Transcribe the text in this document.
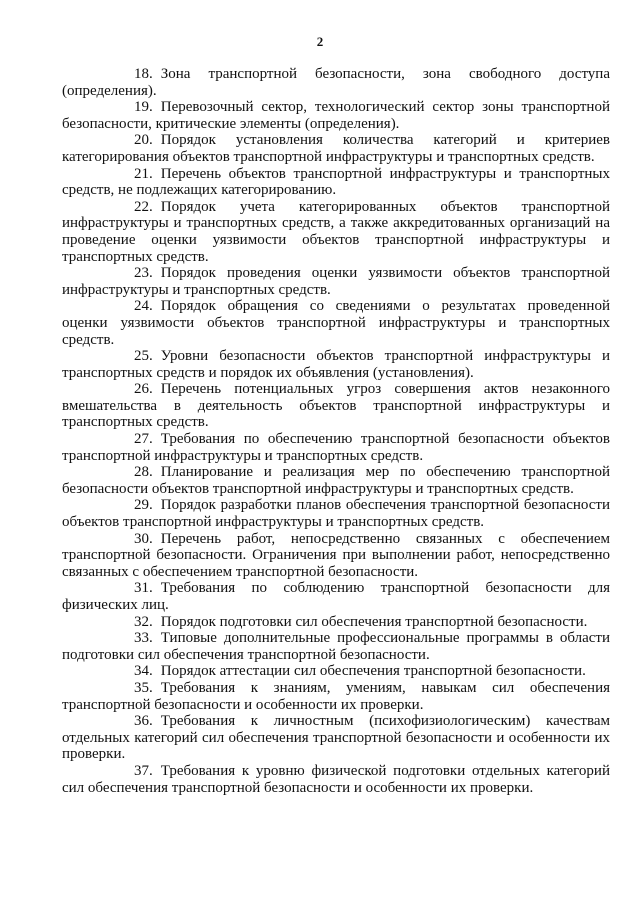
2

18. Зона транспортной безопасности, зона свободного доступа (определения).

19. Перевозочный сектор, технологический сектор зоны транспортной безопасности, критические элементы (определения).

20. Порядок установления количества категорий и критериев категорирования объектов транспортной инфраструктуры и транспортных средств.

21. Перечень объектов транспортной инфраструктуры и транспортных средств, не подлежащих категорированию.

22. Порядок учета категорированных объектов транспортной инфраструктуры и транспортных средств, а также аккредитованных организаций на проведение оценки уязвимости объектов транспортной инфраструктуры и транспортных средств.

23. Порядок проведения оценки уязвимости объектов транспортной инфраструктуры и транспортных средств.

24. Порядок обращения со сведениями о результатах проведенной оценки уязвимости объектов транспортной инфраструктуры и транспортных средств.

25. Уровни безопасности объектов транспортной инфраструктуры и транспортных средств и порядок их объявления (установления).

26. Перечень потенциальных угроз совершения актов незаконного вмешательства в деятельность объектов транспортной инфраструктуры и транспортных средств.

27. Требования по обеспечению транспортной безопасности объектов транспортной инфраструктуры и транспортных средств.

28. Планирование и реализация мер по обеспечению транспортной безопасности объектов транспортной инфраструктуры и транспортных средств.

29. Порядок разработки планов обеспечения транспортной безопасности объектов транспортной инфраструктуры и транспортных средств.

30. Перечень работ, непосредственно связанных с обеспечением транспортной безопасности. Ограничения при выполнении работ, непосредственно связанных с обеспечением транспортной безопасности.

31. Требования по соблюдению транспортной безопасности для физических лиц.

32. Порядок подготовки сил обеспечения транспортной безопасности.

33. Типовые дополнительные профессиональные программы в области подготовки сил обеспечения транспортной безопасности.

34. Порядок аттестации сил обеспечения транспортной безопасности.

35. Требования к знаниям, умениям, навыкам сил обеспечения транспортной безопасности и особенности их проверки.

36. Требования к личностным (психофизиологическим) качествам отдельных категорий сил обеспечения транспортной безопасности и особенности их проверки.

37. Требования к уровню физической подготовки отдельных категорий сил обеспечения транспортной безопасности и особенности их проверки.
